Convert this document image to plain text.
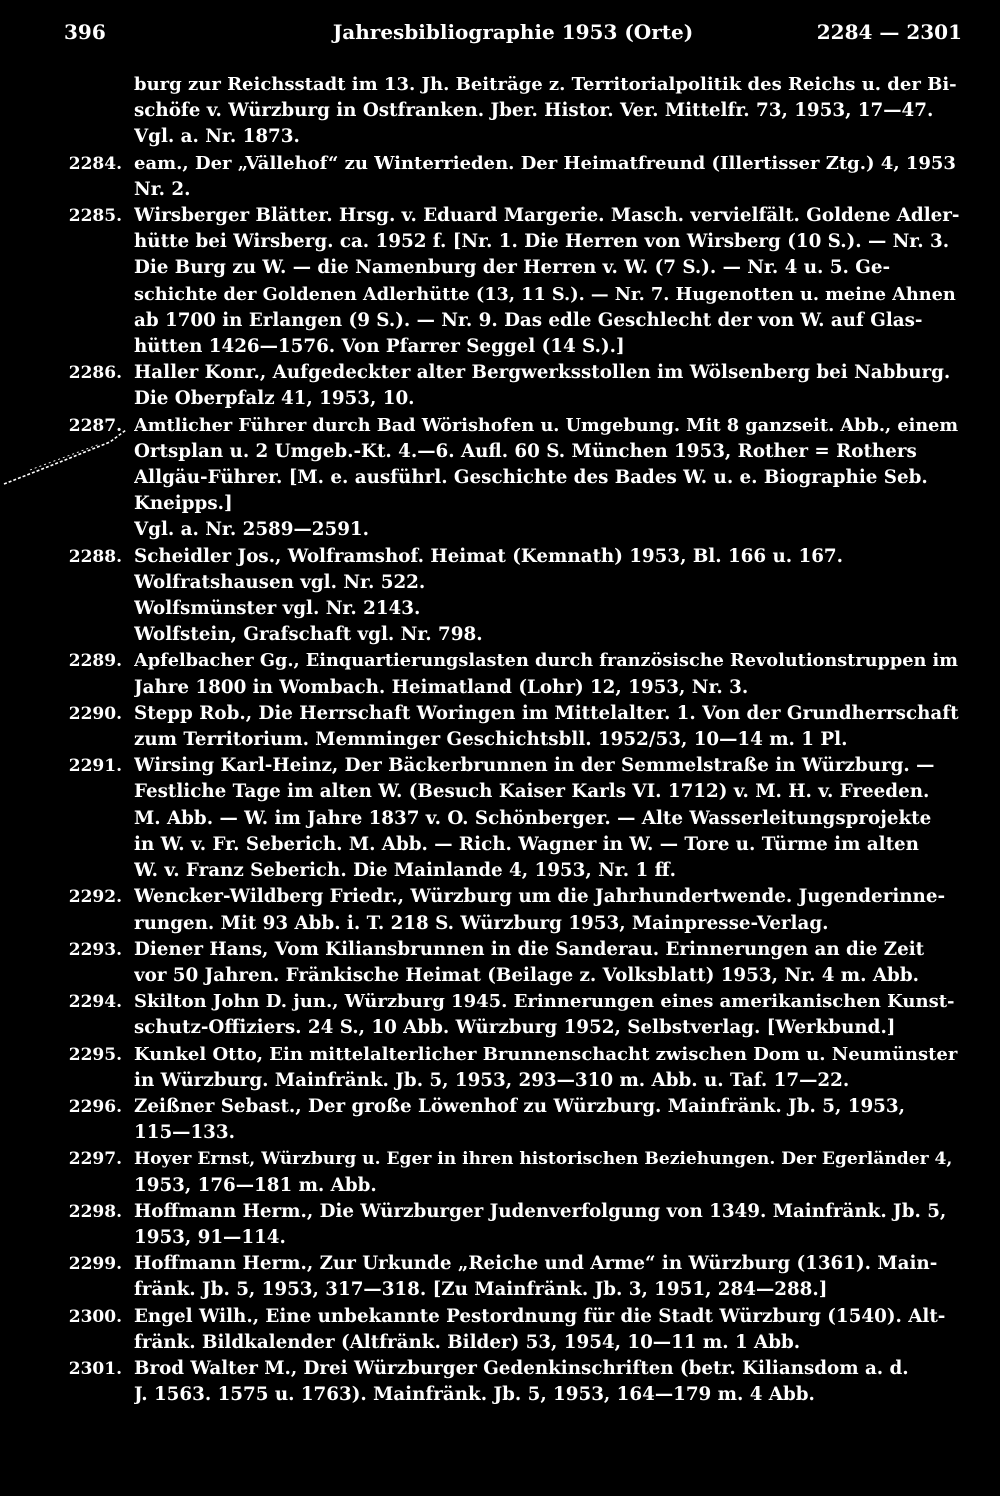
396	Jahresbibliographie 1953 (Orte)	2284 — 2301
burg zur Reichsstadt im 13. Jh. Beiträge z. Territorialpolitik des Reichs u. der Bi-
schöfe v. Würzburg in Ostfranken. Jber. Histor. Ver. Mittelfr. 73, 1953, 17—47.
Vgl. a. Nr. 1873.
2284. eam., Der „Vällehof“ zu Winterrieden. Der Heimatfreund (Illertisser Ztg.) 4, 1953
Nr. 2.
2285. Wirsberger Blätter. Hrsg. v. Eduard Margerie. Masch. vervielfält. Goldene Adler-
hütte bei Wirsberg. ca. 1952 f. [Nr. 1. Die Herren von Wirsberg (10 S.). — Nr. 3.
Die Burg zu W. — die Namenburg der Herren v. W. (7 S.). — Nr. 4 u. 5. Ge-
schichte der Goldenen Adlerhütte (13, 11 S.). — Nr. 7. Hugenotten u. meine Ahnen
ab 1700 in Erlangen (9 S.). — Nr. 9. Das edle Geschlecht der von W. auf Glas-
hütten 1426—1576. Von Pfarrer Seggel (14 S.).]
2286. Haller Konr., Aufgedeckter alter Bergwerksstollen im Wölsenberg bei Nabburg.
Die Oberpfalz 41, 1953, 10.
2287. Amtlicher Führer durch Bad Wörishofen u. Umgebung. Mit 8 ganzseit. Abb., einem
Ortsplan u. 2 Umgeb.-Kt. 4.—6. Aufl. 60 S. München 1953, Rother = Rothers
Allgäu-Führer. [M. e. ausführl. Geschichte des Bades W. u. e. Biographie Seb.
Kneipps.]
Vgl. a. Nr. 2589—2591.
2288. Scheidler Jos., Wolframshof. Heimat (Kemnath) 1953, Bl. 166 u. 167.
Wolfratshausen vgl. Nr. 522.
Wolfsmünster vgl. Nr. 2143.
Wolfstein, Grafschaft vgl. Nr. 798.
2289. Apfelbacher Gg., Einquartierungslasten durch französische Revolutionstruppen im
Jahre 1800 in Wombach. Heimatland (Lohr) 12, 1953, Nr. 3.
2290. Stepp Rob., Die Herrschaft Woringen im Mittelalter. 1. Von der Grundherrschaft
zum Territorium. Memminger Geschichtsbll. 1952/53, 10—14 m. 1 Pl.
2291. Wirsing Karl-Heinz, Der Bäckerbrunnen in der Semmelstraße in Würzburg. —
Festliche Tage im alten W. (Besuch Kaiser Karls VI. 1712) v. M. H. v. Freeden.
M. Abb. — W. im Jahre 1837 v. O. Schönberger. — Alte Wasserleitungsprojekte
in W. v. Fr. Seberich. M. Abb. — Rich. Wagner in W. — Tore u. Türme im alten
W. v. Franz Seberich. Die Mainlande 4, 1953, Nr. 1 ff.
2292. Wencker-Wildberg Friedr., Würzburg um die Jahrhundertwende. Jugenderinne-
rungen. Mit 93 Abb. i. T. 218 S. Würzburg 1953, Mainpresse-Verlag.
2293. Diener Hans, Vom Kiliansbrunnen in die Sanderau. Erinnerungen an die Zeit
vor 50 Jahren. Fränkische Heimat (Beilage z. Volksblatt) 1953, Nr. 4 m. Abb.
2294. Skilton John D. jun., Würzburg 1945. Erinnerungen eines amerikanischen Kunst-
schutz-Offiziers. 24 S., 10 Abb. Würzburg 1952, Selbstverlag. [Werkbund.]
2295. Kunkel Otto, Ein mittelalterlicher Brunnenschacht zwischen Dom u. Neumünster
in Würzburg. Mainfränk. Jb. 5, 1953, 293—310 m. Abb. u. Taf. 17—22.
2296. Zeißner Sebast., Der große Löwenhof zu Würzburg. Mainfränk. Jb. 5, 1953,
115—133.
2297. Hoyer Ernst, Würzburg u. Eger in ihren historischen Beziehungen. Der Egerländer 4,
1953, 176—181 m. Abb.
2298. Hoffmann Herm., Die Würzburger Judenverfolgung von 1349. Mainfränk. Jb. 5,
1953, 91—114.
2299. Hoffmann Herm., Zur Urkunde „Reiche und Arme“ in Würzburg (1361). Main-
fränk. Jb. 5, 1953, 317—318. [Zu Mainfränk. Jb. 3, 1951, 284—288.]
2300. Engel Wilh., Eine unbekannte Pestordnung für die Stadt Würzburg (1540). Alt-
fränk. Bildkalender (Altfränk. Bilder) 53, 1954, 10—11 m. 1 Abb.
2301. Brod Walter M., Drei Würzburger Gedenkinschriften (betr. Kiliansdom a. d.
J. 1563. 1575 u. 1763). Mainfränk. Jb. 5, 1953, 164—179 m. 4 Abb.
